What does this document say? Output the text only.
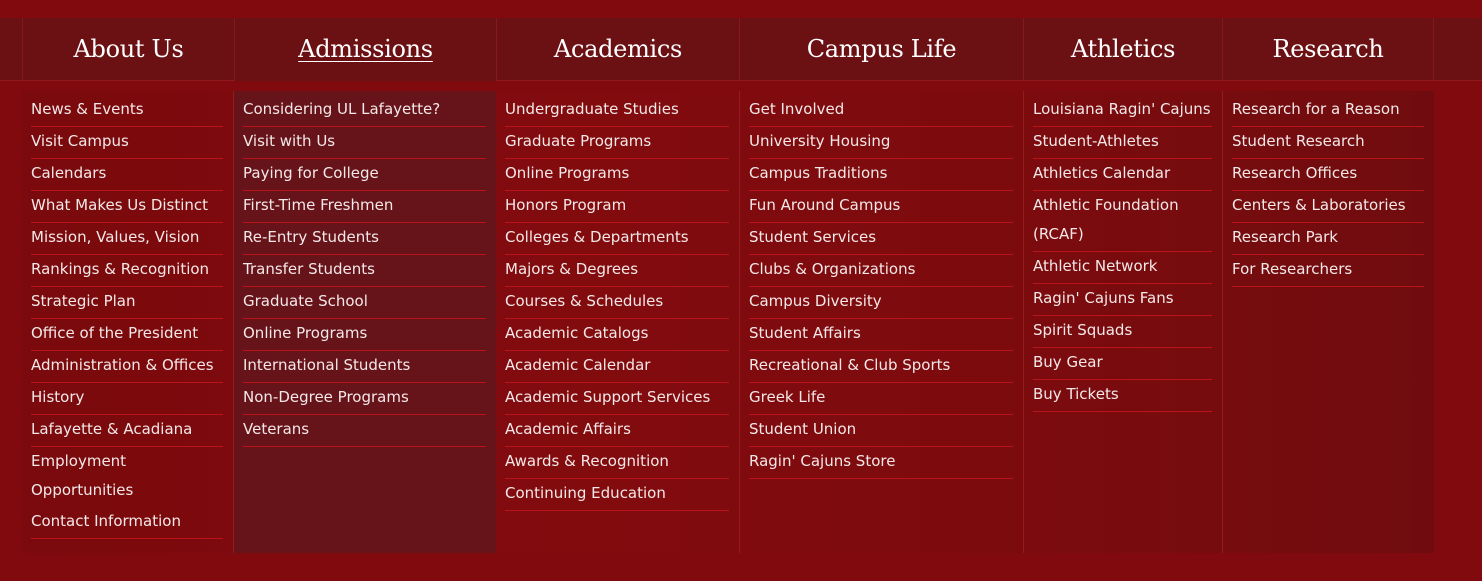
About Us	Admissions	Academics	Campus Life	Athletics	Research
News & Events
Visit Campus
Calendars
What Makes Us Distinct
Mission, Values, Vision
Rankings & Recognition
Strategic Plan
Office of the President
Administration & Offices
History
Lafayette & Acadiana
Employment Opportunities
Contact Information
Considering UL Lafayette?
Visit with Us
Paying for College
First-Time Freshmen
Re-Entry Students
Transfer Students
Graduate School
Online Programs
International Students
Non-Degree Programs
Veterans
Undergraduate Studies
Graduate Programs
Online Programs
Honors Program
Colleges & Departments
Majors & Degrees
Courses & Schedules
Academic Catalogs
Academic Calendar
Academic Support Services
Academic Affairs
Awards & Recognition
Continuing Education
Get Involved
University Housing
Campus Traditions
Fun Around Campus
Student Services
Clubs & Organizations
Campus Diversity
Student Affairs
Recreational & Club Sports
Greek Life
Student Union
Ragin' Cajuns Store
Louisiana Ragin' Cajuns
Student-Athletes
Athletics Calendar
Athletic Foundation (RCAF)
Athletic Network
Ragin' Cajuns Fans
Spirit Squads
Buy Gear
Buy Tickets
Research for a Reason
Student Research
Research Offices
Centers & Laboratories
Research Park
For Researchers
